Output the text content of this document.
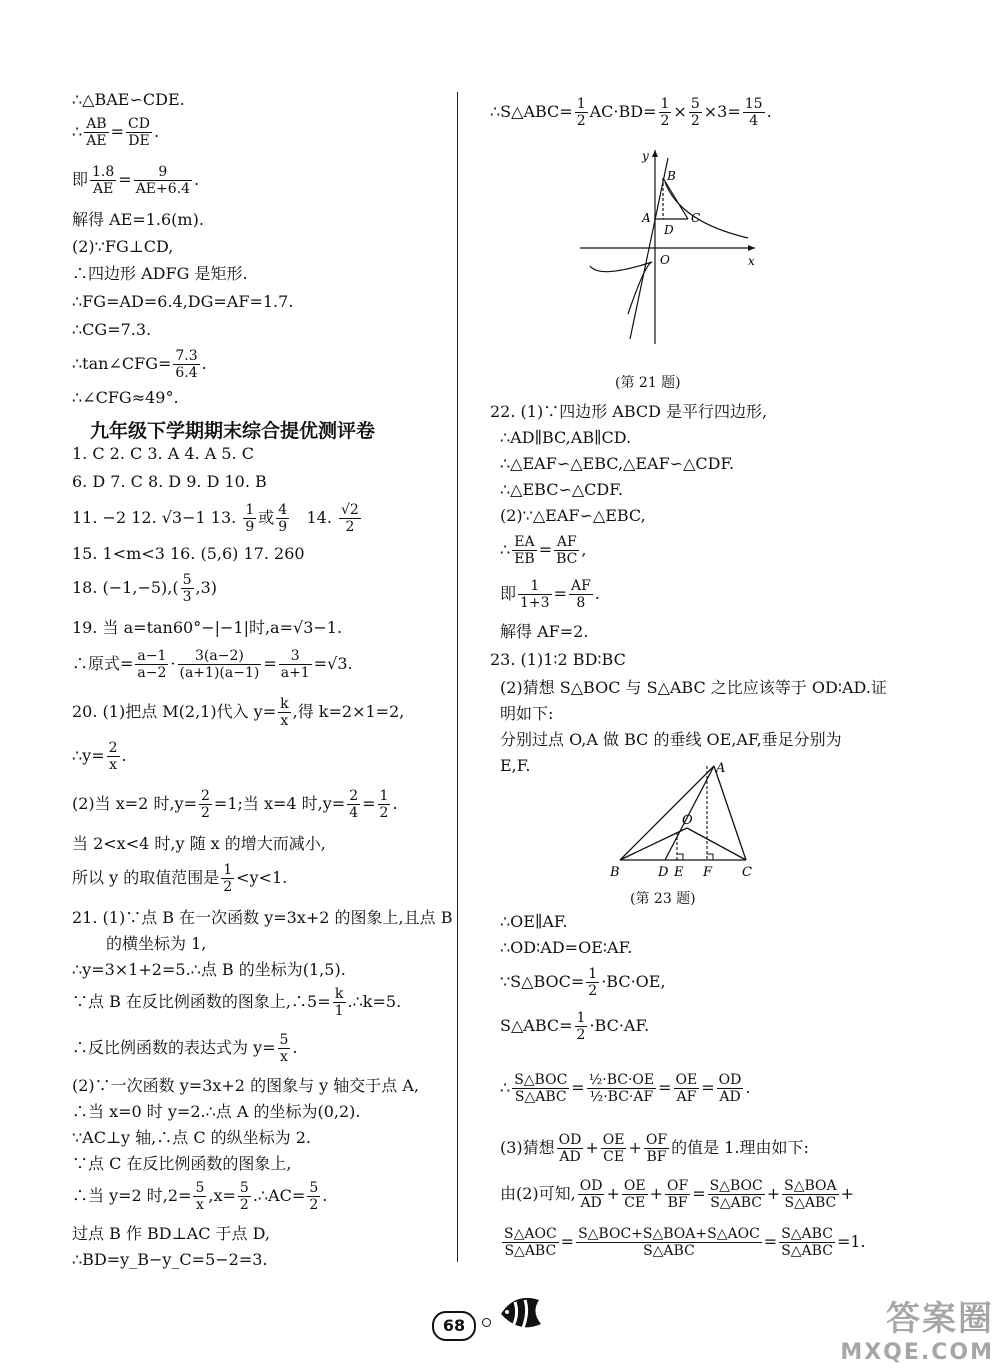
∴△BAE∽CDE.
∴ $\frac{AB}{AE} = \frac{CD}{DE}$ .
即 $\frac{1.8}{AE} = \frac{9}{AE+6.4}$ .
解得 AE=1.6(m).
(2)∵FG⊥CD,
∴四边形 ADFG 是矩形.
∴FG=AD=6.4,DG=AF=1.7.
∴CG=7.3.
∴tan∠CFG= $\frac{7.3}{6.4}$ .
∴∠CFG≈49°.
九年级下学期期末综合提优测评卷
1. C 2. C 3. A 4. A 5. C
6. D 7. C 8. D 9. D 10. B
11. −2 12. √3−1 13. $\frac{1}{9}$ 或 $\frac{4}{9} 14$. $\frac{√2}{2}$
15. 1<m<3 16. (5,6) 17. 260
18. $(-1,-5),( \frac{5}{3} ,3)$
19. 当 a=tan60°−|−1|时,a=√3−1.
∴原式= $\frac{a-1}{a-2} \cdot \frac{3(a-2)}{(a+1)(a-1)} = \frac{3}{a+1} =√3$.
20. (1)把点 M(2,1)代入 $y= \frac{k}{x}$ ,得 k=2×1=2,
∴y= $\frac{2}{x}$ .
(2)当 x=2 时$,y= \frac{2}{2} =1$;当 x=4 时$,y= \frac{2}{4} = \frac{1}{2}$ .
当 2<x<4 时,y 随 x 的增大而减小,
所以 y 的取值范围是 $\frac{1}{2} <y<1$.
21. (1)∵点 B 在一次函数 y=3x+2 的图象上,且点 B
的横坐标为 1,
∴y=3×1+2=5.∴点 B 的坐标为(1,5).
∵点 B 在反比例函数的图象上,∴5= $\frac{k}{1}$ .∴k=5.
∴反比例函数的表达式为 $y= \frac{5}{x}$ .
(2)∵一次函数 y=3x+2 的图象与 y 轴交于点 A,
∴当 x=0 时 y=2.∴点 A 的坐标为(0,2).
∵AC⊥y 轴,∴点 C 的纵坐标为 2.
∵点 C 在反比例函数的图象上,
∴当 y=2 时$,2= \frac{5}{x} ,x= \frac{5}{2}$ .∴AC= $\frac{5}{2}$ .
过点 B 作 BD⊥AC 于点 D,
∴BD=y_B−y_C=5−2=3.
∴S△ABC= $\frac{1}{2} AC\cdot BD= \frac{1}{2} \times \frac{5}{2} \times 3= \frac{15}{4}$ .
y
x
O
A
B
C
D
(第 21 题)
22. (1)∵四边形 ABCD 是平行四边形,
∴AD∥BC,AB∥CD.
∴△EAF∽△EBC,△EAF∽△CDF.
∴△EBC∽△CDF.
(2)∵△EAF∽△EBC,
∴ $\frac{EA}{EB} = \frac{AF}{BC}$ ,
即 $\frac{1}{1+3} = \frac{AF}{8}$ .
解得 AF=2.
23. (1)1∶2 BD∶BC
(2)猜想 S△BOC 与 S△ABC 之比应该等于 OD∶AD.证
明如下:
分别过点 O,A 做 BC 的垂线 OE,AF,垂足分别为
E,F.	A
O
B	D E F C
(第 23 题)
∴OE∥AF.
∴OD∶AD=OE∶AF.
∵S△BOC= $\frac{1}{2} \cdot BC\cdot OE$,
S△ABC= $\frac{1}{2} \cdot BC\cdot AF$.
∴ $\frac{\text{S△BOC}}{\text{S△ABC}} = \frac{\text{½·BC·OE}}{\text{½·BC·AF}} = \frac{OE}{AF} = \frac{OD}{AD}$ .
(3)猜想 $\frac{OD}{AD} + \frac{OE}{CE} + \frac{OF}{BF}$ 的值是 1.理由如下:
由(2)可知, $\frac{OD}{AD} + \frac{OE}{CE} + \frac{OF}{BF} = \frac{\text{S△BOC}}{\text{S△ABC}} + \frac{\text{S△BOA}}{\text{S△ABC}}$ +
$\frac{\text{S△AOC}}{\text{S△ABC}} = \frac{\text{S△BOC+S△BOA+S△AOC}}{\text{S△ABC}} = \frac{\text{S△ABC}}{\text{S△ABC}} =1$.
68	答案圈
MXQE.COM
